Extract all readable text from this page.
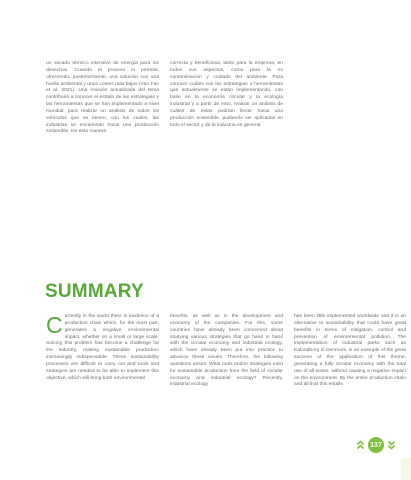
un secado térmico intensivo de energía para los desechos. Cuando el proceso lo permita, ofreciendo, posteriormente, una solución con una huella ambiental y unos costes más bajos (Van Fan et al. 2021). Una revisión actualizada del tema contribuirá a conocer el estado de las estrategias y las herramientas que se han implementado a nivel mundial, para realizar un análisis de todos los vehículos que se tienen, con los cuales, las industrias se encaminan hacia una producción sostenible. De esta manera

correcta y beneficiosa, tanto para la empresa, en todos sus aspectos, como para la no contaminación y cuidado del ambiente. Para conocer cuáles son las estrategias o herramientas que actualmente se están implementando, con base en la economía circular y la ecología industrial y a partir de esto, realizar un análisis de cuáles de estas podrían llevar hacia una producción sostenible, pudiendo ser aplicadas en todo el sector y de la industria en general.

SUMMARY

Currently in the world there is evidence of a production chain which, for the most part, generates a negative environmental impact, whether on a small or large scale. Solving this problem has become a challenge for the industry, making sustainable production increasingly indispensable. These sustainability processes are difficult to carry out and tools and strategies are needed to be able to implement this objective, which will bring both environmental

benefits, as well as in the development and economy of the companies. For this, some countries have already been concerned about studying various strategies that go hand in hand with the circular economy and industrial ecology, which have already been put into practice to advance these issues. Therefore, the following questions arises: What tools and/or strategies exist for sustainable production from the field of circular economy and industrial ecology? Recently, industrial ecology

has been little implemented worldwide and it is an alternative to sustainability that could have great benefits in terms of mitigation, control and prevention of environmental pollution. The implementation of industrial parks such as Kalundborg in Denmark, is an example of the great success of the application of this theme, generating a fully circular economy with the total use of all waste, without causing a negative impact on the environment. By the entire production chain and all that this entails

137
